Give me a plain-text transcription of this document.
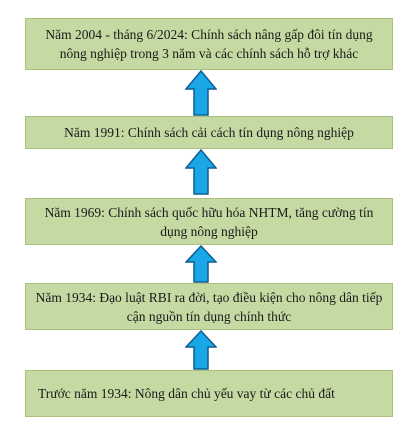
Năm 2004 - tháng 6/2024: Chính sách nâng gấp đôi tín dụng nông nghiệp trong 3 năm và các chính sách hỗ trợ khác
Năm 1991: Chính sách cải cách tín dụng nông nghiệp
Năm 1969: Chính sách quốc hữu hóa NHTM, tăng cường tín dụng nông nghiệp
Năm 1934: Đạo luật RBI ra đời, tạo điều kiện cho nông dân tiếp cận nguồn tín dụng chính thức
Trước năm 1934: Nông dân chủ yếu vay từ các chủ đất
